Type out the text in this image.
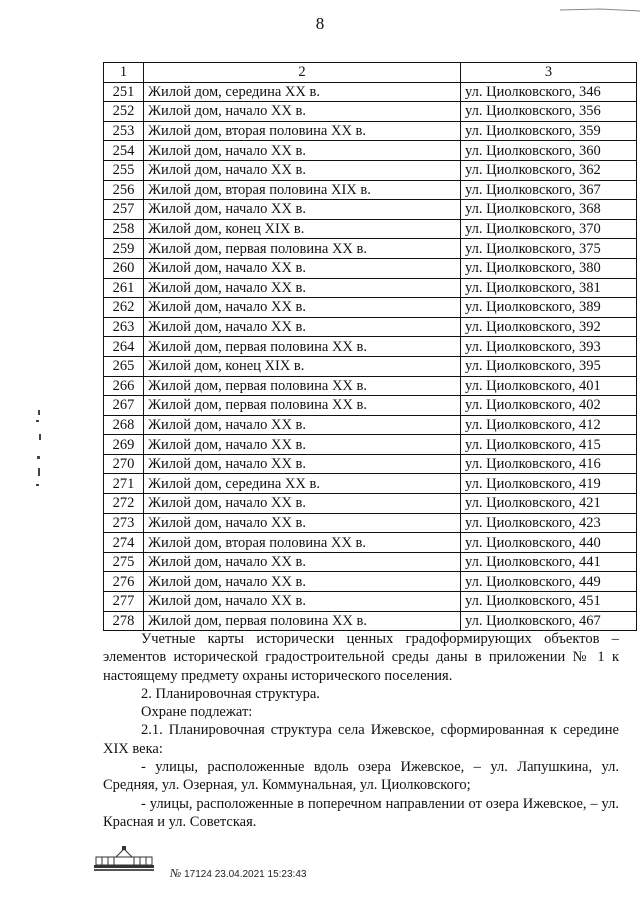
8
1	2	3
251	Жилой дом, середина XX в.	ул. Циолковского, 346
252	Жилой дом, начало XX в.	ул. Циолковского, 356
253	Жилой дом, вторая половина XX в.	ул. Циолковского, 359
254	Жилой дом, начало XX в.	ул. Циолковского, 360
255	Жилой дом, начало XX в.	ул. Циолковского, 362
256	Жилой дом, вторая половина XIX в.	ул. Циолковского, 367
257	Жилой дом, начало XX в.	ул. Циолковского, 368
258	Жилой дом, конец XIX в.	ул. Циолковского, 370
259	Жилой дом, первая половина XX в.	ул. Циолковского, 375
260	Жилой дом, начало XX в.	ул. Циолковского, 380
261	Жилой дом, начало XX в.	ул. Циолковского, 381
262	Жилой дом, начало XX в.	ул. Циолковского, 389
263	Жилой дом, начало XX в.	ул. Циолковского, 392
264	Жилой дом, первая половина XX в.	ул. Циолковского, 393
265	Жилой дом, конец XIX в.	ул. Циолковского, 395
266	Жилой дом, первая половина XX в.	ул. Циолковского, 401
267	Жилой дом, первая половина XX в.	ул. Циолковского, 402
268	Жилой дом, начало XX в.	ул. Циолковского, 412
269	Жилой дом, начало XX в.	ул. Циолковского, 415
270	Жилой дом, начало XX в.	ул. Циолковского, 416
271	Жилой дом, середина XX в.	ул. Циолковского, 419
272	Жилой дом, начало XX в.	ул. Циолковского, 421
273	Жилой дом, начало XX в.	ул. Циолковского, 423
274	Жилой дом, вторая половина XX в.	ул. Циолковского, 440
275	Жилой дом, начало XX в.	ул. Циолковского, 441
276	Жилой дом, начало XX в.	ул. Циолковского, 449
277	Жилой дом, начало XX в.	ул. Циолковского, 451
278	Жилой дом, первая половина XX в.	ул. Циолковского, 467

Учетные карты исторически ценных градоформирующих объектов – элементов исторической градостроительной среды даны в приложении № 1 к настоящему предмету охраны исторического поселения.

2. Планировочная структура.

Охране подлежат:

2.1. Планировочная структура села Ижевское, сформированная к середине XIX века:

- улицы, расположенные вдоль озера Ижевское, – ул. Лапушкина, ул. Средняя, ул. Озерная, ул. Коммунальная, ул. Циолковского;

- улицы, расположенные в поперечном направлении от озера Ижевское, – ул. Красная и ул. Советская.

№ 17124 23.04.2021 15:23:43
